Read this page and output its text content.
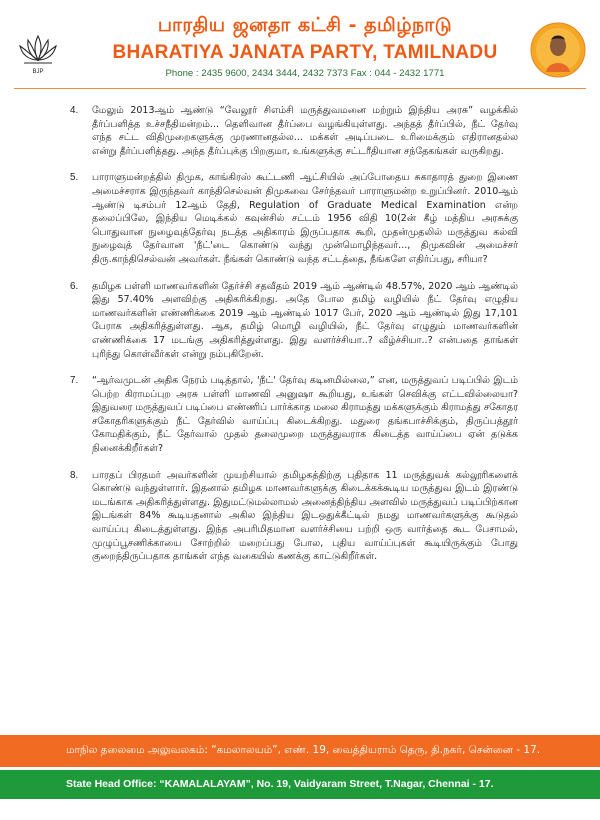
BJP
பாரதிய ஜனதா கட்சி - தமிழ்நாடு
BHARATIYA JANATA PARTY, TAMILNADU
Phone : 2435 9600, 2434 3444, 2432 7373 Fax : 044 - 2432 1771
4.	மேலும் 2013ஆம் ஆண்டு “வேலூர் சிஎம்சி மருத்துவமனை மற்றும் இந்திய அரசு” வழக்கில் தீர்ப்பளித்த உச்சநீதிமன்றம்... தெளிவான தீர்ப்பை வழங்கியுள்ளது. அந்தத் தீர்ப்பில், நீட் தேர்வு எந்த சட்ட விதிமுறைகளுக்கு முரணானதல்ல... மக்கள் அடிப்படை உரிமைக்கும் எதிரானதல்ல என்று தீர்ப்பளித்தது. அந்த தீர்ப்புக்கு பிறகுமா, உங்களுக்கு சட்டரீதியான சந்தேகங்கள் வருகிறது.
5.	பாராளுமன்றத்தில் திமுக, காங்கிரஸ் கூட்டணி ஆட்சியில் அப்போதைய சுகாதாரத் துறை இணை அமைச்சராக இருந்தவர் காந்திசெல்வன் திமுகவை சேர்ந்தவர் பாராளுமன்ற உறுப்பினர். 2010ஆம் ஆண்டு டிசம்பர் 12ஆம் தேதி, Regulation of Graduate Medical Examination என்ற தலைப்பிலே, இந்திய மெடிக்கல் கவுன்சில் சட்டம் 1956 விதி 10(2ன் கீழ் மத்திய அரசுக்கு பொதுவான நுழைவுத்தேர்வு நடத்த அதிகாரம் இருப்பதாக கூறி, முதன்முதலில் மருத்துவ கல்வி நுழைவுத் தேர்வான 'நீட்'டை கொண்டு வந்து முன்மொழிந்தவர்..., திமுகவின் அமைச்சர் திரு.காந்திசெல்வன் அவர்கள். நீங்கள் கொண்டு வந்த சட்டத்தை, நீங்களே எதிர்ப்பது, சரியா?
6.	தமிழக பள்ளி மாணவர்களின் தேர்ச்சி சதவீதம் 2019 ஆம் ஆண்டில் 48.57%, 2020 ஆம் ஆண்டில் இது 57.40% அளவிற்கு அதிகரிக்கிறது. அதே போல தமிழ் வழியில் நீட் தேர்வு எழுதிய மாணவர்களின் எண்ணிக்கை 2019 ஆம் ஆண்டில் 1017 பேர், 2020 ஆம் ஆண்டில் இது 17,101 பேராக அதிகரித்துள்ளது. ஆக, தமிழ் மொழி வழியில், நீட் தேர்வு எழுதும் மாணவர்களின் எண்ணிக்கை 17 மடங்கு அதிகரித்துள்ளது. இது வளர்ச்சியா..? வீழ்ச்சியா..? என்பதை தாங்கள் புரிந்து கொள்வீர்கள் என்று நம்புகிறேன்.
7.	“ஆர்வமுடன் அதிக நேரம் படித்தால், 'நீட்' தேர்வு கடினமில்லை,” என, மருத்துவப் படிப்பில் இடம் பெற்ற கிராமப்புற அரசு பள்ளி மாணவி அனுஷா கூறியது, உங்கள் செவிக்கு எட்டவில்லையா? இதுவரை மருத்துவப் படிப்பை எண்ணிப் பார்க்காத மலை கிராமத்து மக்களுக்கும் கிராமத்து சகோதர சகோதரிகளுக்கும் நீட் தேர்வில் வாய்ப்பு கிடைக்கிறது. மதுரை தங்கபாச்சிக்கும், திருப்பத்தூர் கோமதிக்கும், நீட் தேர்வால் முதல் தலைமுறை மருத்துவராக கிடைத்த வாய்ப்பை ஏன் தடுக்க நினைக்கிறீர்கள்?
8.	பாரதப் பிரதமர் அவர்களின் முயற்சியால் தமிழகத்திற்கு புதிதாக 11 மருத்துவக் கல்லூரிகளைக் கொண்டு வந்துள்ளார். இதனால் தமிழக மாணவர்களுக்கு கிடைக்கக்கூடிய மருத்துவ இடம் இரண்டு மடங்காக அதிகரித்துள்ளது. இதுமட்டுமல்லாமல் அனைத்திந்திய அளவில் மருத்துவப் படிப்பிற்கான இடங்கள் 84% கூடியதனால் அகில இந்திய இடஒதுக்கீட்டில் நமது மாணவர்களுக்கு கூடுதல் வாய்ப்பு கிடைத்துள்ளது. இந்த அபரிமிதமான வளர்ச்சியை பற்றி ஒரு வார்த்தை கூட பேசாமல், முழுப்பூசணிக்காயை சோற்றில் மறைப்பது போல, புதிய வாய்ப்புகள் கூடியிருக்கும் போது குறைந்திருப்பதாக தாங்கள் எந்த வகையில் கணக்கு காட்டுகிறீர்கள்.
மாநில தலைமை அலுவலகம்: “கமலாலயம்”, எண். 19, வைத்தியராம் தெரு, தி.நகர், சென்னை - 17.
State Head Office: “KAMALALAYAM”, No. 19, Vaidyaram Street, T.Nagar, Chennai - 17.
